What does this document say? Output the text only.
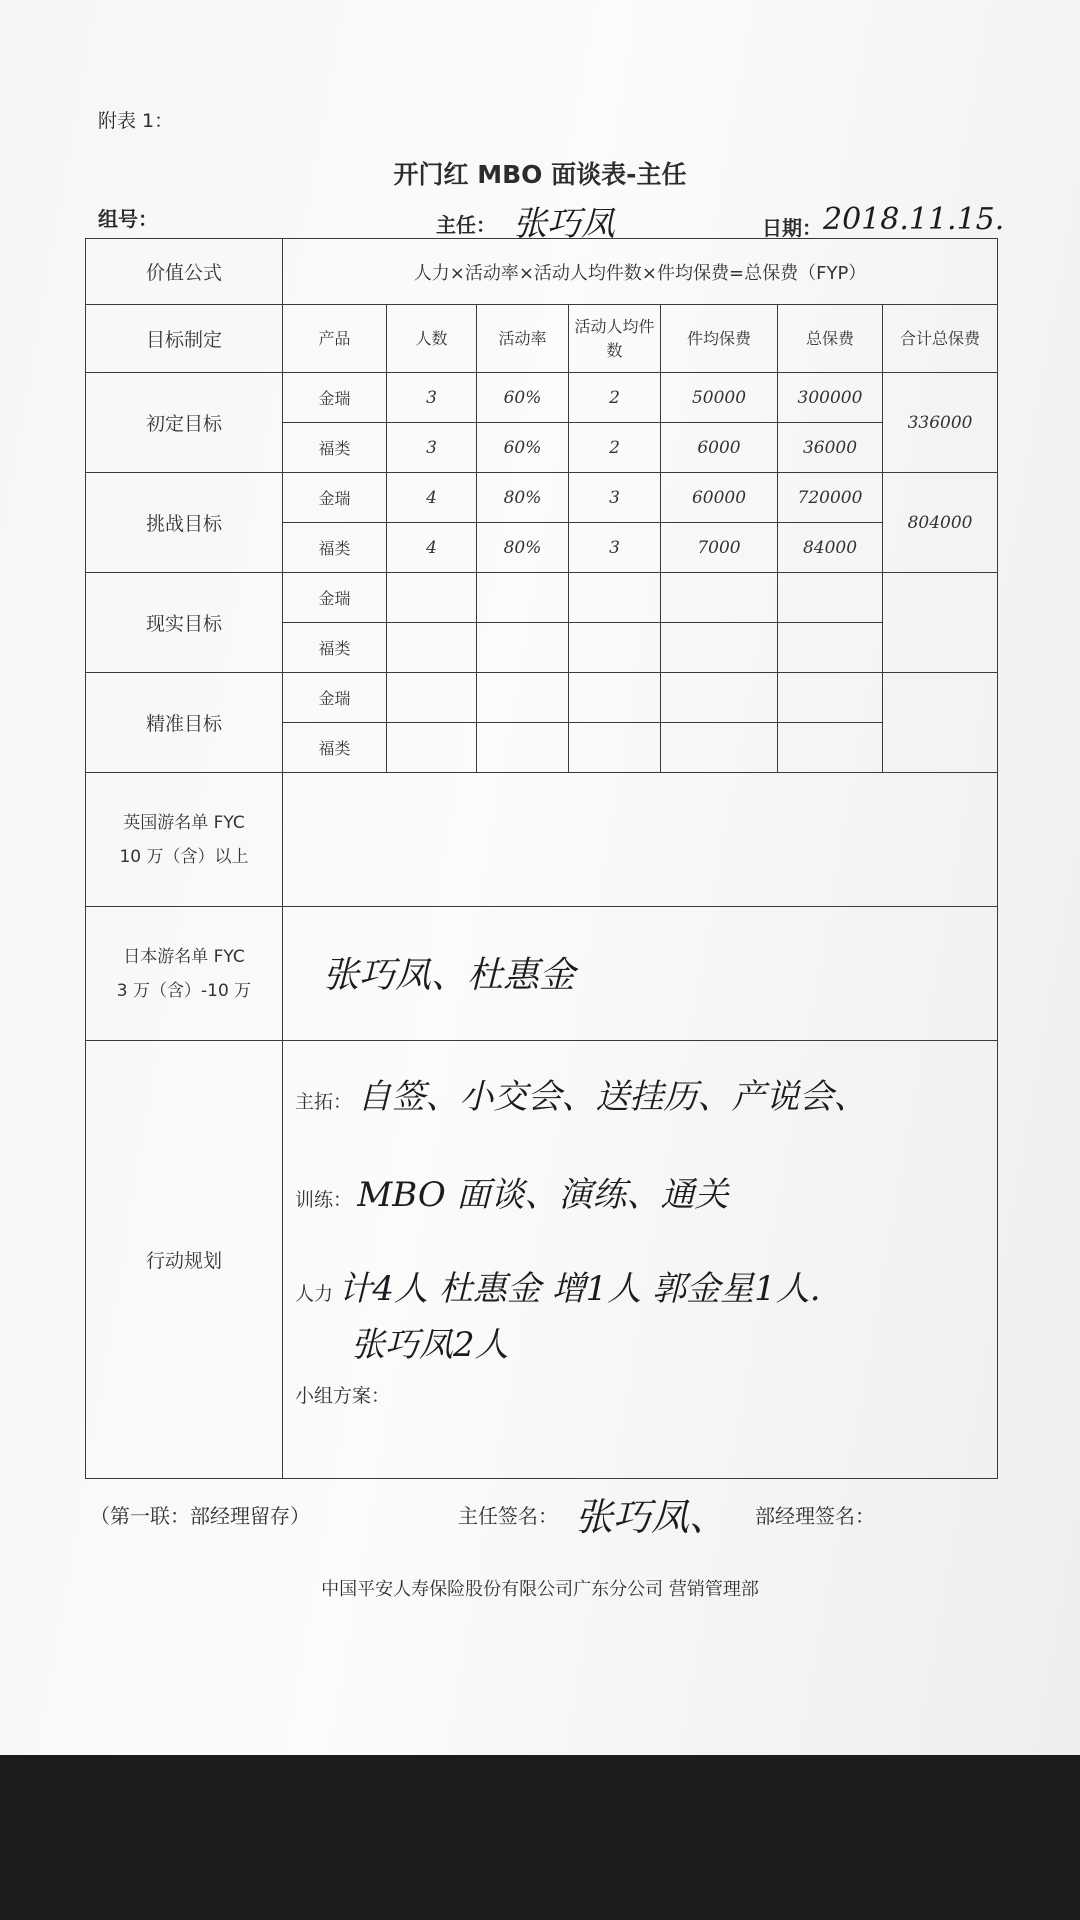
附表 1：
开门红 MBO 面谈表-主任
组号：	主任： 张巧凤	日期： 2018.11.15.
价值公式	人力×活动率×活动人均件数×件均保费=总保费（FYP）						
目标制定	产品	人数	活动率	活动人均件数	件均保费	总保费	合计总保费
初定目标	金瑞	3	60%	2	50000	300000	336000
	福类	3	60%	2	6000	36000	
挑战目标	金瑞	4	80%	3	60000	720000	804000
	福类	4	80%	3	7000	84000	
现实目标	金瑞						
	福类						
精准目标	金瑞						
	福类						

英国游名单 FYC
10 万（含）以上							

日本游名单 FYC
3 万（含）-10 万	张巧凤、杜惠金						

行动规划	主拓： 自签、小交会、送挂历、产说会、
训练： MBO 面谈、演练、通关
人力 计4人 杜惠金 增1人 郭金星1人.
张巧凤2人
小组方案：						
（第一联：部经理留存）	主任签名： 张巧凤、 部经理签名：
中国平安人寿保险股份有限公司广东分公司 营销管理部
